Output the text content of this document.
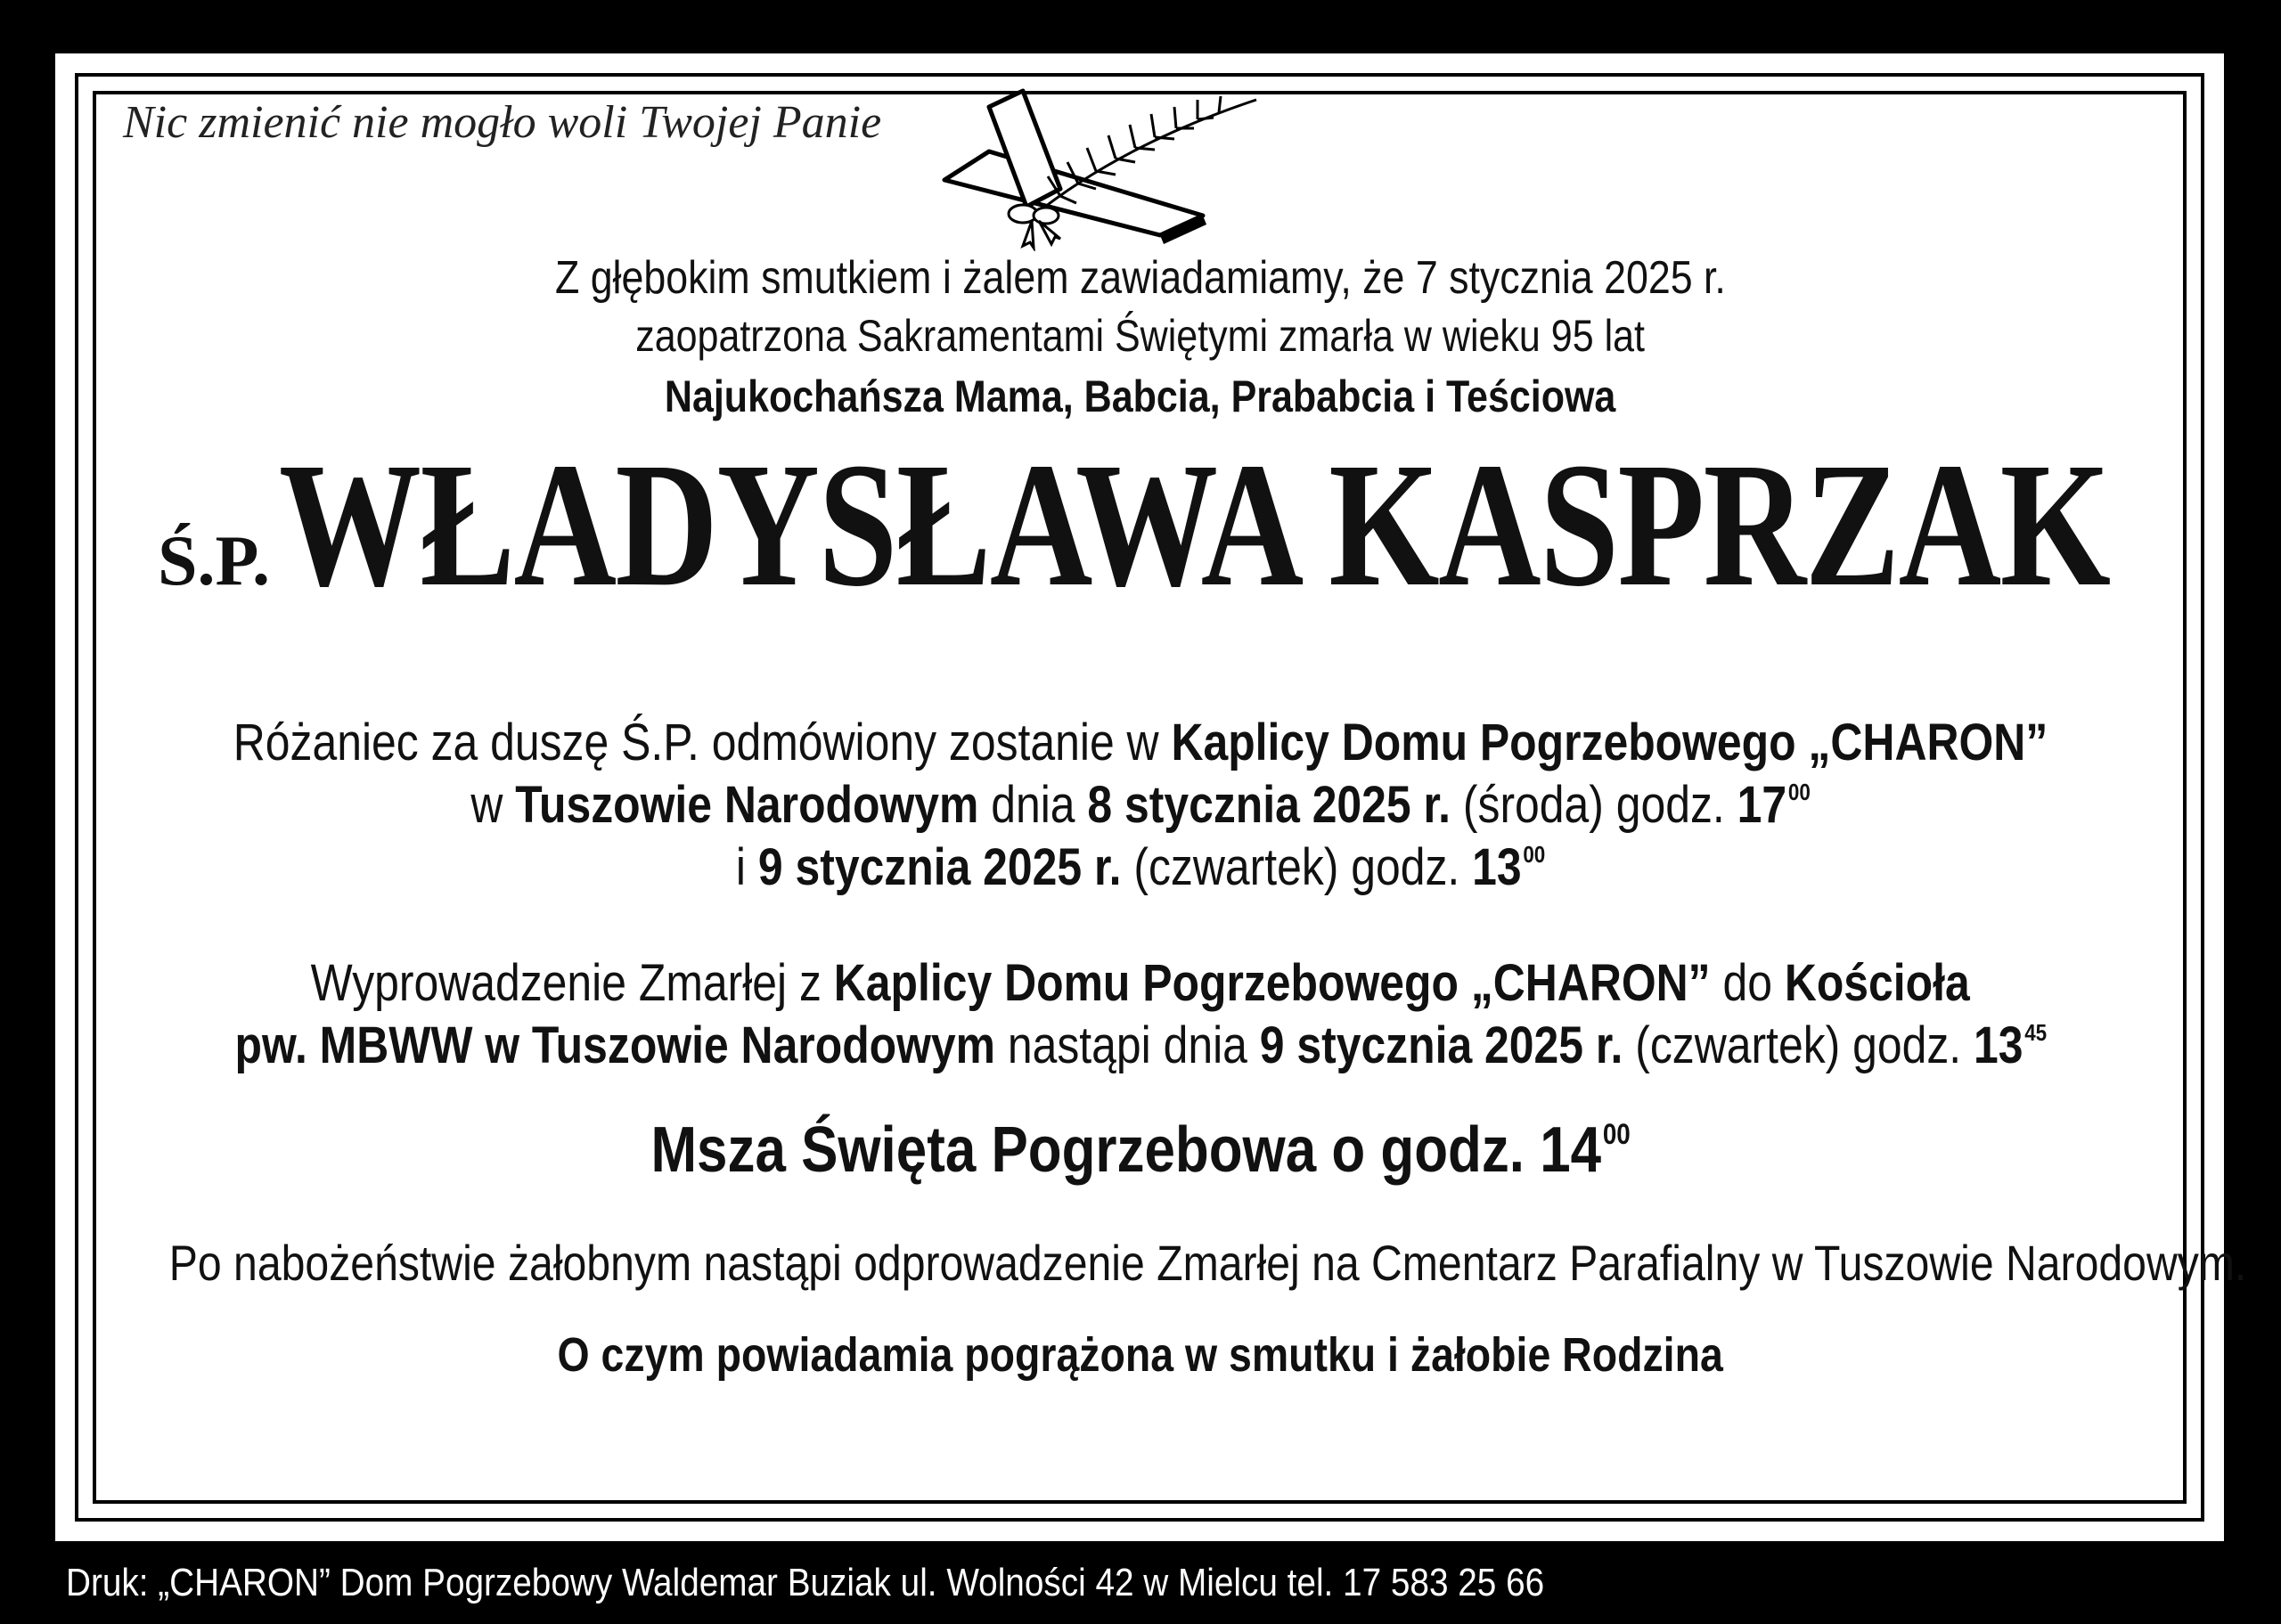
Nic zmienić nie mogło woli Twojej Panie
Z głębokim smutkiem i żalem zawiadamiamy, że 7 stycznia 2025 r.
zaopatrzona Sakramentami Świętymi zmarła w wieku 95 lat
Najukochańsza Mama, Babcia, Prababcia i Teściowa
Ś.P.WŁADYSŁAWA KASPRZAK
Różaniec za duszę Ś.P. odmówiony zostanie w Kaplicy Domu Pogrzebowego „CHARON”
w Tuszowie Narodowym dnia 8 stycznia 2025 r. (środa) godz. $17^{00}$
i 9 stycznia 2025 r. (czwartek) godz. $13^{00}$
Wyprowadzenie Zmarłej z Kaplicy Domu Pogrzebowego „CHARON” do Kościoła
pw. MBWW w Tuszowie Narodowym nastąpi dnia 9 stycznia 2025 r. (czwartek) godz. $13^{45}$
Msza Święta Pogrzebowa o godz. $14^{00}$
Po nabożeństwie żałobnym nastąpi odprowadzenie Zmarłej na Cmentarz Parafialny w Tuszowie Narodowym.
O czym powiadamia pogrążona w smutku i żałobie Rodzina
Druk: „CHARON” Dom Pogrzebowy Waldemar Buziak ul. Wolności 42 w Mielcu tel. 17 583 25 66
